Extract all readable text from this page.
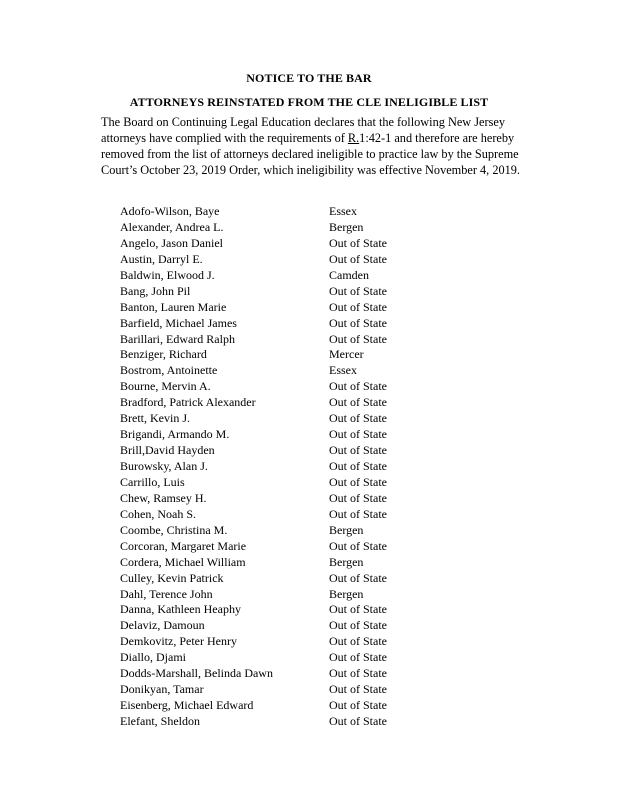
NOTICE TO THE BAR
ATTORNEYS REINSTATED FROM THE CLE INELIGIBLE LIST
The Board on Continuing Legal Education declares that the following New Jersey attorneys have complied with the requirements of R.1:42-1 and therefore are hereby removed from the list of attorneys declared ineligible to practice law by the Supreme Court’s October 23, 2019 Order, which ineligibility was effective November 4, 2019.
Adofo-Wilson, Baye	Essex
Alexander, Andrea L.	Bergen
Angelo, Jason Daniel	Out of State
Austin, Darryl E.	Out of State
Baldwin, Elwood J.	Camden
Bang, John Pil	Out of State
Banton, Lauren Marie	Out of State
Barfield, Michael James	Out of State
Barillari, Edward Ralph	Out of State
Benziger, Richard	Mercer
Bostrom, Antoinette	Essex
Bourne, Mervin A.	Out of State
Bradford, Patrick Alexander	Out of State
Brett, Kevin J.	Out of State
Brigandi, Armando M.	Out of State
Brill,David Hayden	Out of State
Burowsky, Alan J.	Out of State
Carrillo, Luis	Out of State
Chew, Ramsey H.	Out of State
Cohen, Noah S.	Out of State
Coombe, Christina M.	Bergen
Corcoran, Margaret Marie	Out of State
Cordera, Michael William	Bergen
Culley, Kevin Patrick	Out of State
Dahl, Terence John	Bergen
Danna, Kathleen Heaphy	Out of State
Delaviz, Damoun	Out of State
Demkovitz, Peter Henry	Out of State
Diallo, Djami	Out of State
Dodds-Marshall, Belinda Dawn	Out of State
Donikyan, Tamar	Out of State
Eisenberg, Michael Edward	Out of State
Elefant, Sheldon	Out of State
